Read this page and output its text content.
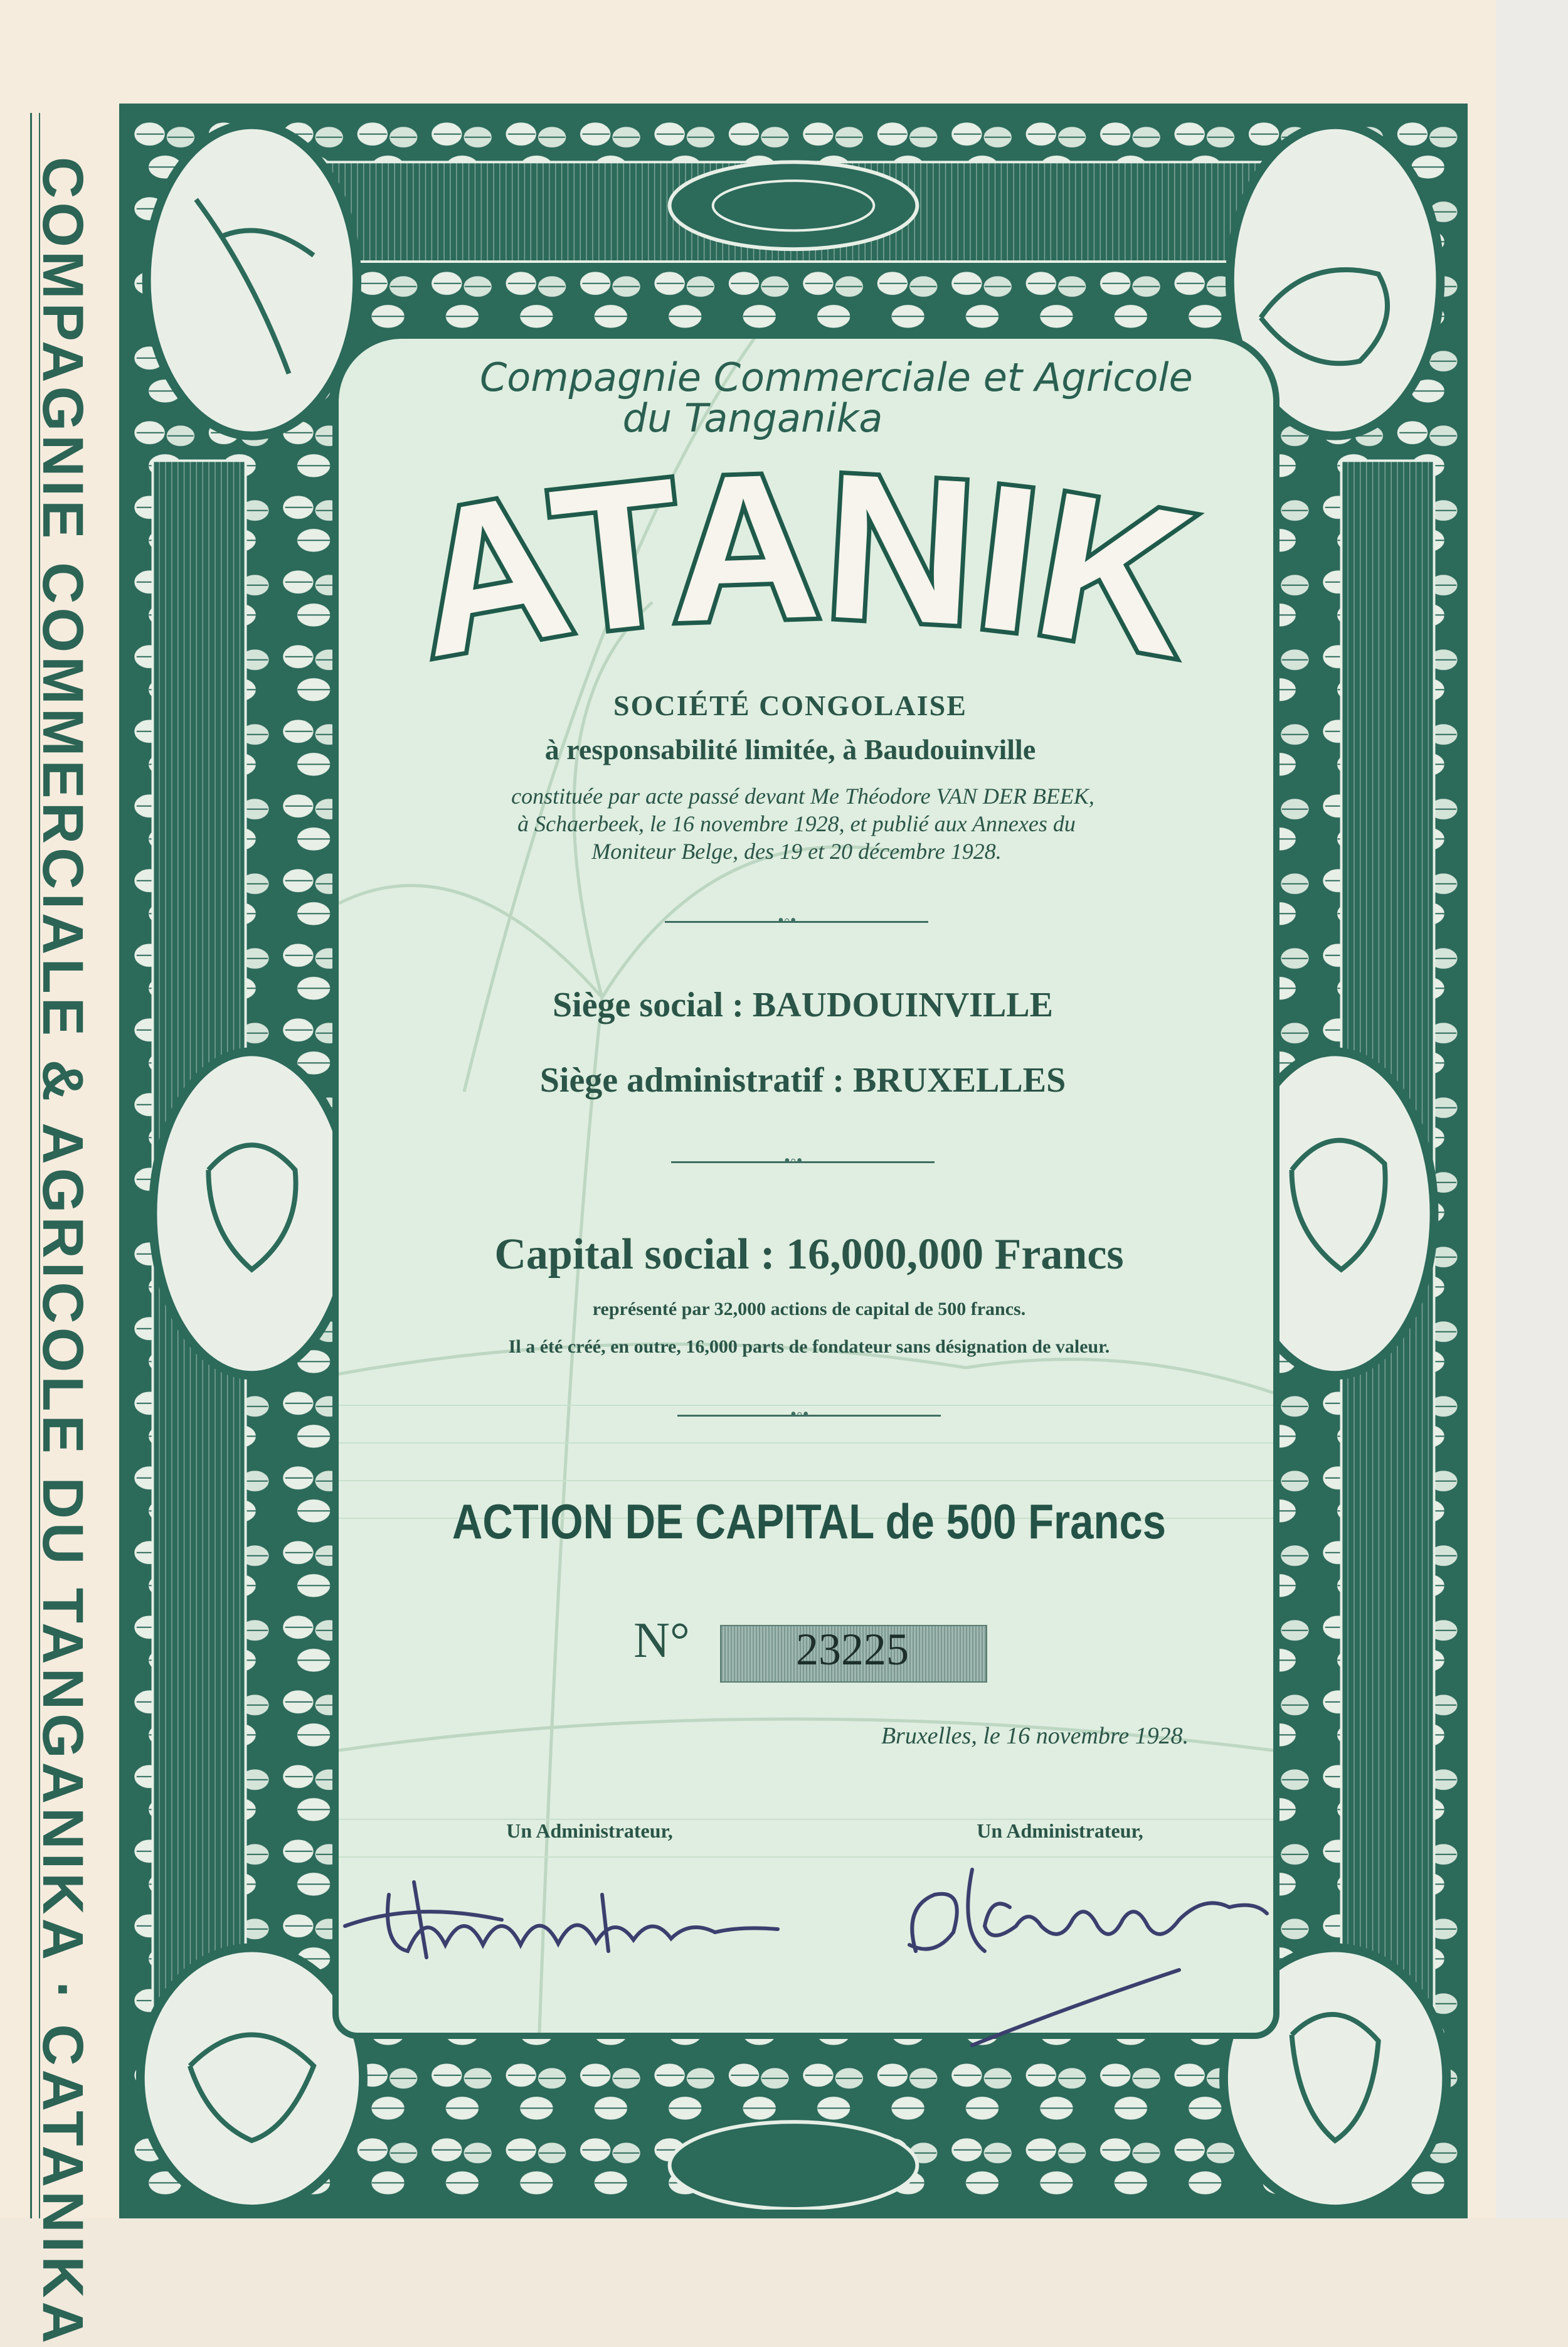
COMPAGNIE COMMERCIALE & AGRICOLE DU TANGANIKA · CATANIKA	Compagnie Commerciale et Agricole
du Tanganika
ATANIK
SOCIÉTÉ CONGOLAISE
à responsabilité limitée, à Baudouinville
constituée par acte passé devant Me Théodore VAN DER BEEK,
à Schaerbeek, le 16 novembre 1928, et publié aux Annexes du
Moniteur Belge, des 19 et 20 décembre 1928.
•◦•
Siège social : BAUDOUINVILLE
Siège administratif : BRUXELLES
•◦•
Capital social : 16,000,000 Francs
représenté par 32,000 actions de capital de 500 francs.
Il a été créé, en outre, 16,000 parts de fondateur sans désignation de valeur.
•◦•
ACTION DE CAPITAL de 500 Francs
N°	23225
Bruxelles, le 16 novembre 1928.
Un Administrateur,	Un Administrateur,
